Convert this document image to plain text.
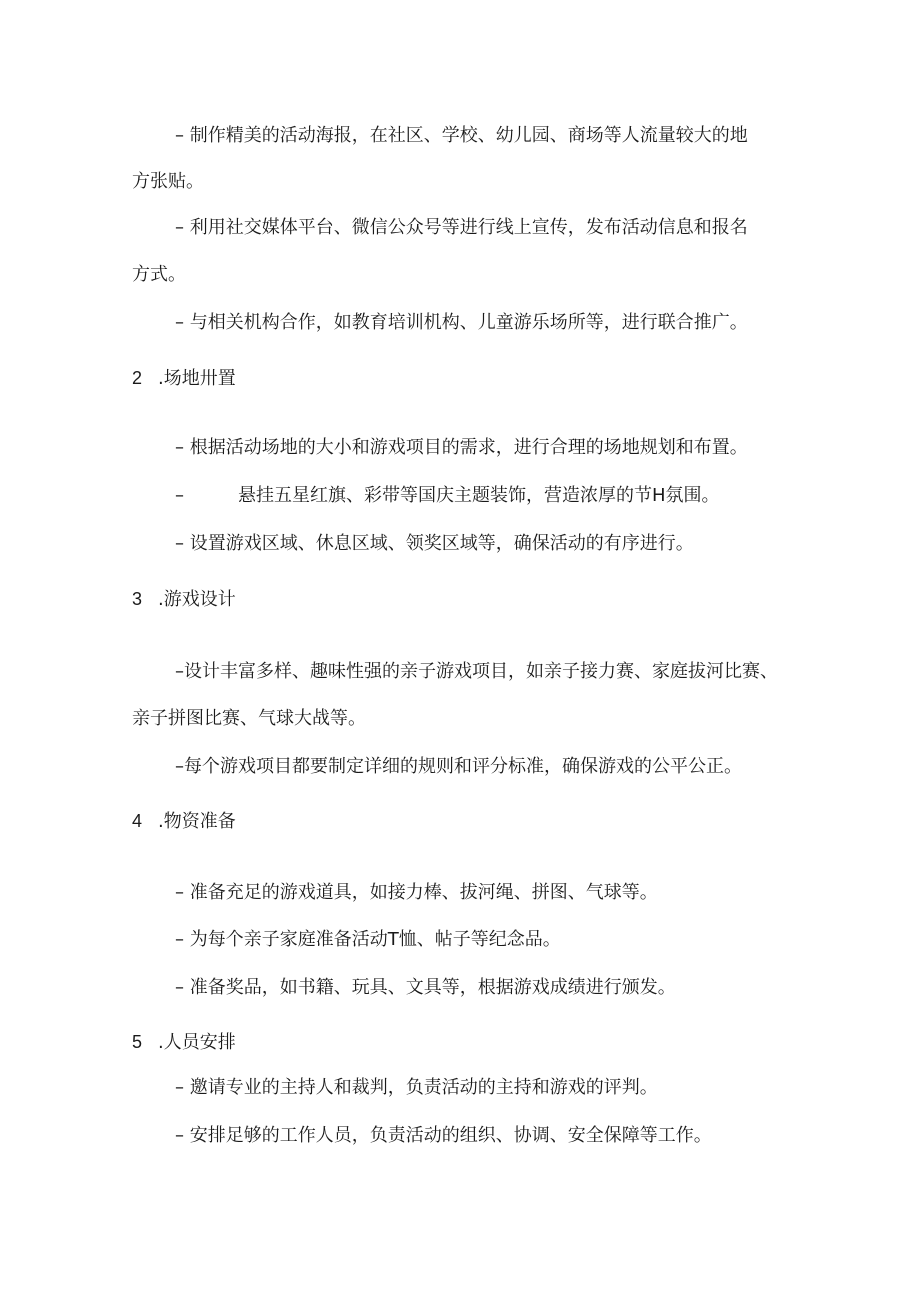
– 制作精美的活动海报，在社区、学校、幼儿园、商场等人流量较大的地
方张贴。
– 利用社交媒体平台、微信公众号等进行线上宣传，发布活动信息和报名
方式。
– 与相关机构合作，如教育培训机构、儿童游乐场所等，进行联合推广。
2 .场地卅置
– 根据活动场地的大小和游戏项目的需求，进行合理的场地规划和布置。
–	悬挂五星红旗、彩带等国庆主题装饰，营造浓厚的节H氛围。
– 设置游戏区域、休息区域、领奖区域等，确保活动的有序进行。
3 .游戏设计
–设计丰富多样、趣味性强的亲子游戏项目，如亲子接力赛、家庭拔河比赛、
亲子拼图比赛、气球大战等。
–每个游戏项目都要制定详细的规则和评分标准，确保游戏的公平公正。
4 .物资准备
– 准备充足的游戏道具，如接力棒、拔河绳、拼图、气球等。
– 为每个亲子家庭准备活动T恤、帖子等纪念品。
– 准备奖品，如书籍、玩具、文具等，根据游戏成绩进行颁发。
5 .人员安排
– 邀请专业的主持人和裁判，负责活动的主持和游戏的评判。
– 安排足够的工作人员，负责活动的组织、协调、安全保障等工作。
